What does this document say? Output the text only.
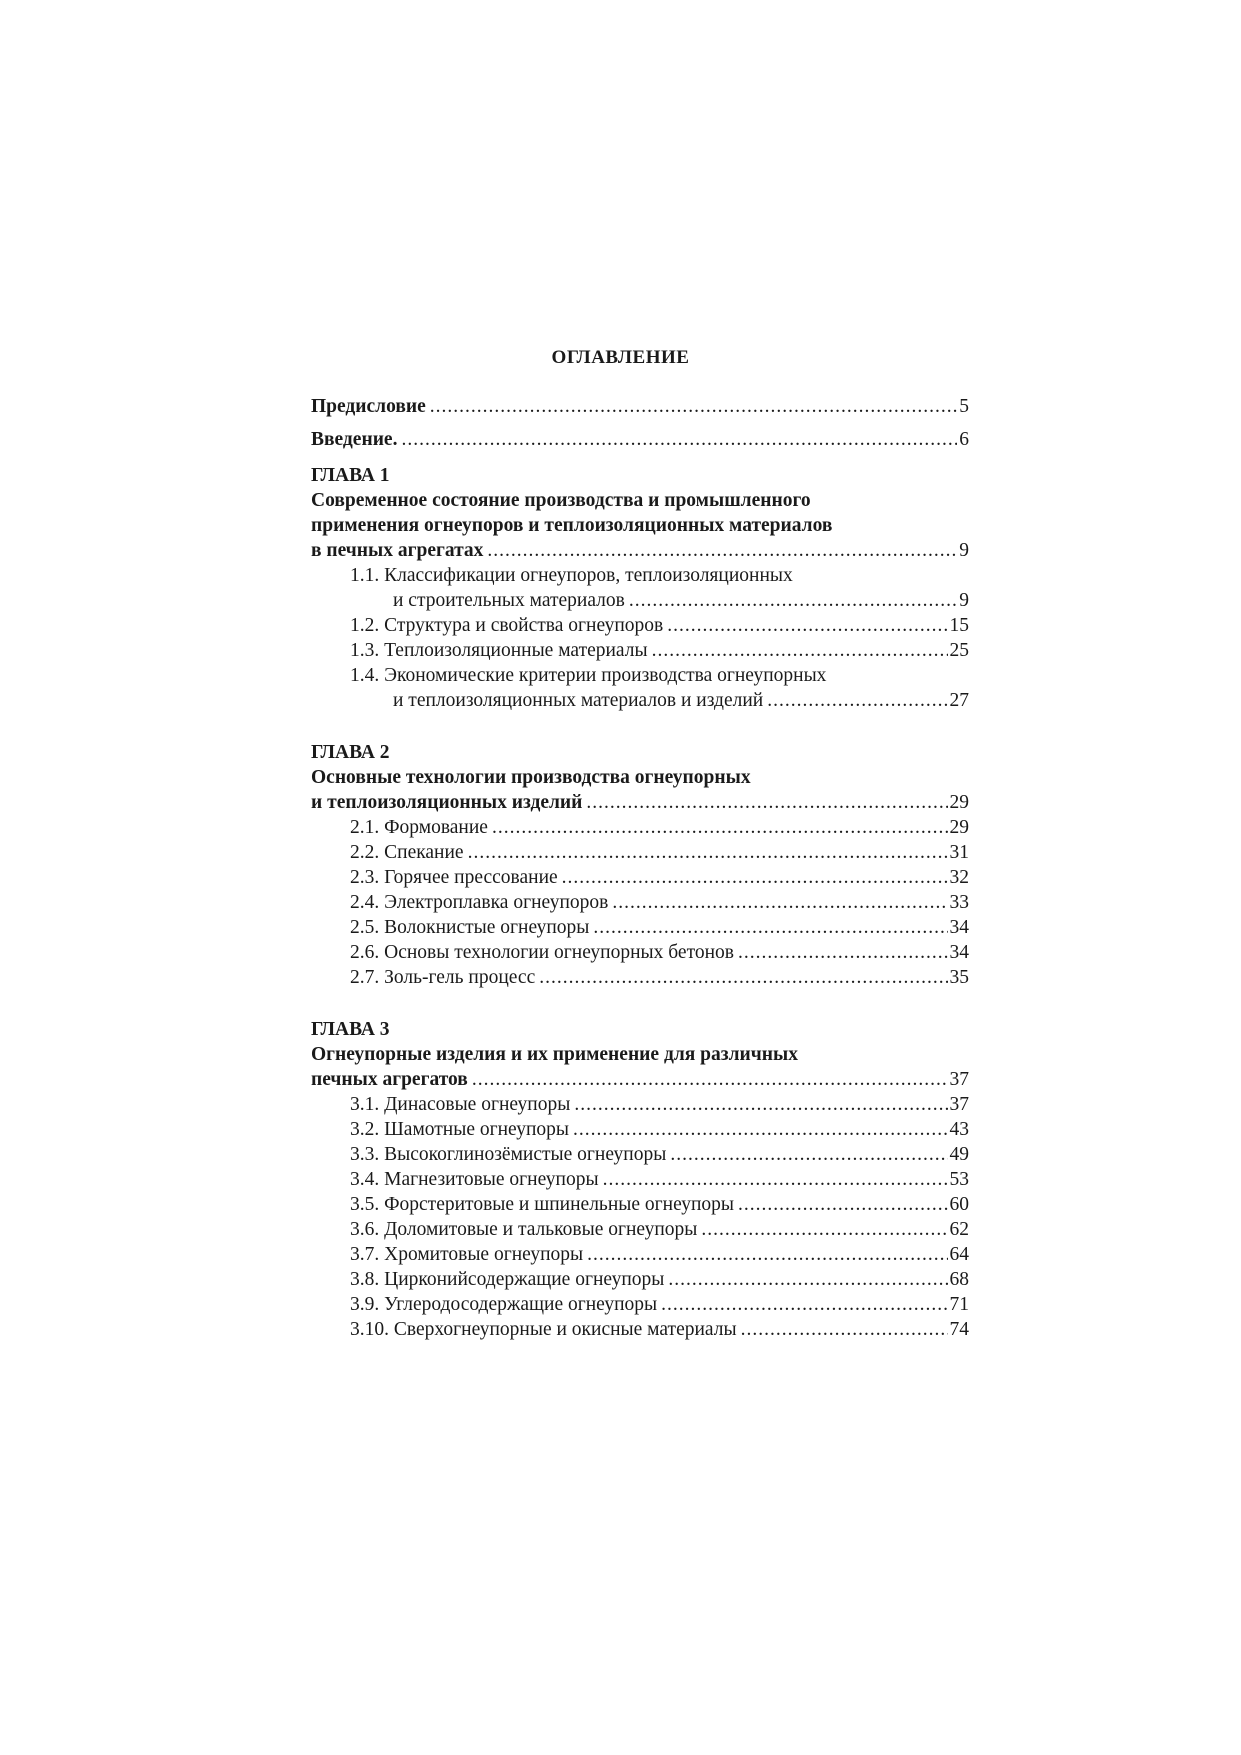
ОГЛАВЛЕНИЕ
Предисловие .....	5
Введение. .....	6
ГЛАВА 1
Современное состояние производства и промышленного
применения огнеупоров и теплоизоляционных материалов
в печных агрегатах .....	9
1.1. Классификации огнеупоров, теплоизоляционных
и строительных материалов .....	9
1.2. Структура и свойства огнеупоров .....	15
1.3. Теплоизоляционные материалы .....	25
1.4. Экономические критерии производства огнеупорных
и теплоизоляционных материалов и изделий .....	27
ГЛАВА 2
Основные технологии производства огнеупорных
и теплоизоляционных изделий .....	29
2.1. Формование .....	29
2.2. Спекание .....	31
2.3. Горячее прессование .....	32
2.4. Электроплавка огнеупоров .....	33
2.5. Волокнистые огнеупоры .....	34
2.6. Основы технологии огнеупорных бетонов .....	34
2.7. Золь-гель процесс .....	35
ГЛАВА 3
Огнеупорные изделия и их применение для различных
печных агрегатов .....	37
3.1. Динасовые огнеупоры .....	37
3.2. Шамотные огнеупоры .....	43
3.3. Высокоглинозёмистые огнеупоры .....	49
3.4. Магнезитовые огнеупоры .....	53
3.5. Форстеритовые и шпинельные огнеупоры .....	60
3.6. Доломитовые и тальковые огнеупоры .....	62
3.7. Хромитовые огнеупоры .....	64
3.8. Цирконийсодержащие огнеупоры .....	68
3.9. Углеродосодержащие огнеупоры .....	71
3.10. Сверхогнеупорные и окисные материалы .....	74
